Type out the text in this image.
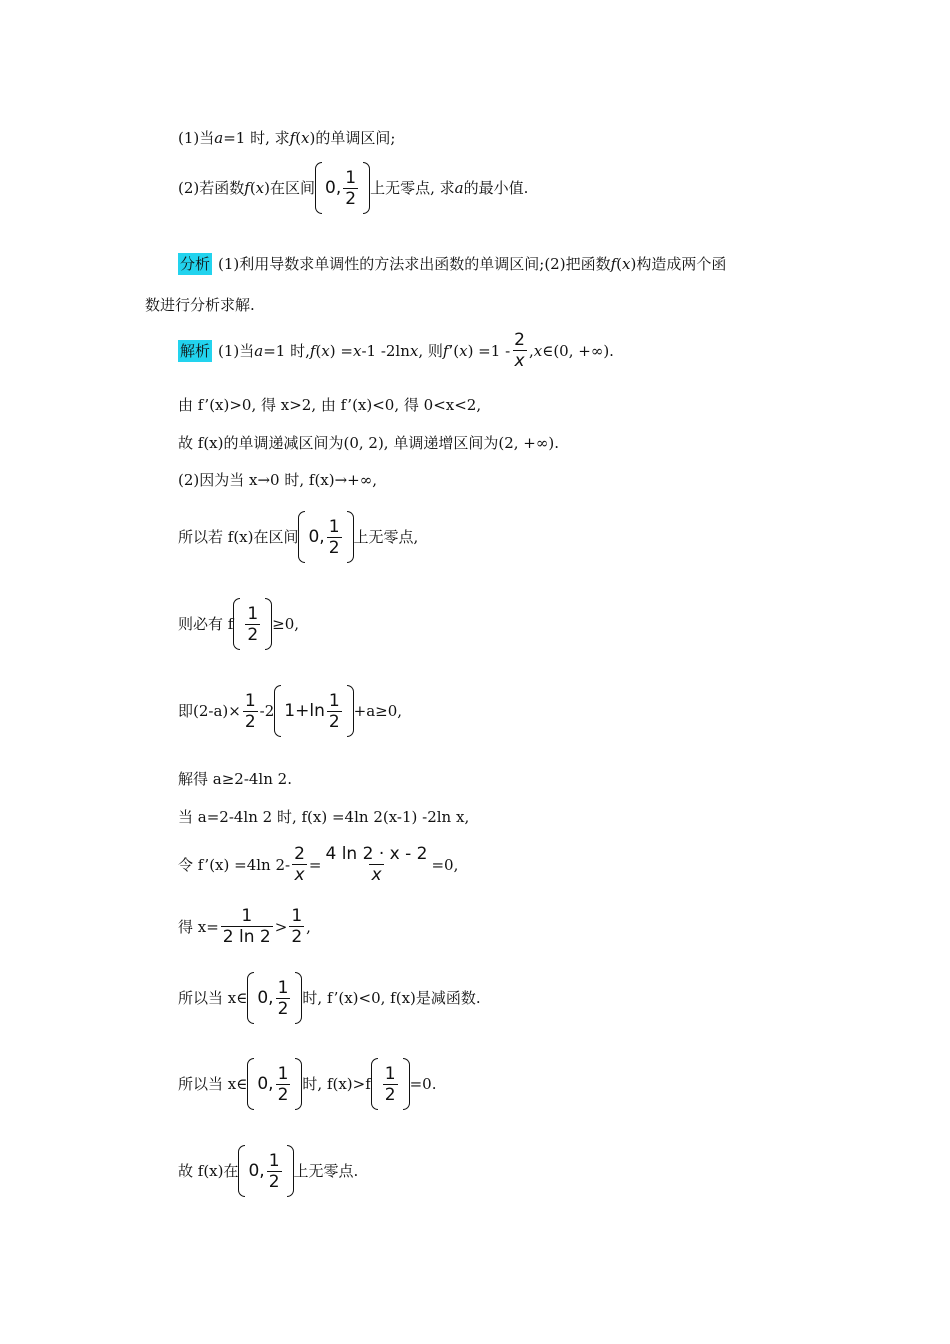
(1)当 a =1 时, 求 f ( x )的单调区间;
(2)若函数 f ( x )在区间 0, $\frac{1}{2}$ 上无零点, 求 a 的最小值.
分析 (1)利用导数求单调性的方法求出函数的单调区间;(2)把函数 f ( x ) 构造成两个函
数进行分析求解.
解析 (1)当 a =1 时, f ( x ) = x -1 -2ln x , 则 f ’( x ) $=1 - \frac{2}{x}$ , x ∈(0, +∞).
由 f’(x)>0, 得 x>2, 由 f’(x)<0, 得 0<x<2,
故 f(x)的单调递减区间为(0, 2), 单调递增区间为(2, +∞).
(2)因为当 x→0 时, f(x)→+∞,
所以若 f(x)在区间 0, $\frac{1}{2}$ 上无零点,
则必有 f $\frac{1}{2} \ge 0$,
即$(2-a)\times \frac{1}{2} -2$ $1+\ln \frac{1}{2} +a\ge 0$,
解得 a≥2-4ln 2.
当 a=2-4ln 2 时, f(x) =4ln 2(x-1) -2ln x,
令 f’(x) =4ln $2- \frac{2}{x} = \frac{4 \ln 2 \cdot x - 2}{x} =0$,
得 $x= \frac{1}{2 \ln 2} > \frac{1}{2}$ ,
所以当 x∈ 0, $\frac{1}{2}$ 时, f’(x)<0, f(x)是减函数.
所以当 x∈ 0, $\frac{1}{2}$ 时, $f(x)>f \frac{1}{2} =0$.
故 f(x)在 0, $\frac{1}{2}$ 上无零点.
